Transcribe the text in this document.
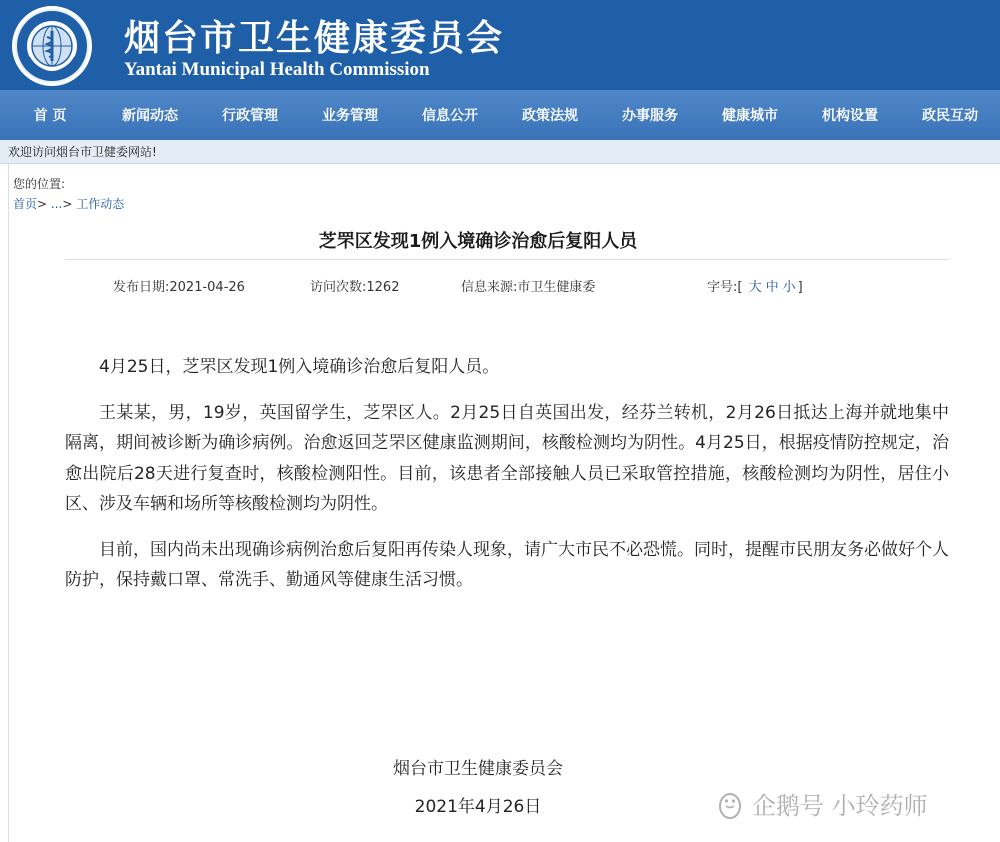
烟台市卫生健康委员会
Yantai Municipal Health Commission
首 页	新闻动态	行政管理	业务管理	信息公开	政策法规	办事服务	健康城市	机构设置	政民互动
欢迎访问烟台市卫健委网站!
您的位置:
首页> ...> 工作动态
芝罘区发现1例入境确诊治愈后复阳人员
发布日期:2021-04-26	访问次数:1262	信息来源:市卫生健康委	字号:[ 大 中 小 ]

4月25日，芝罘区发现1例入境确诊治愈后复阳人员。

王某某，男，19岁，英国留学生，芝罘区人。2月25日自英国出发，经芬兰转机，2月26日抵达上海并就地集中隔离，期间被诊断为确诊病例。治愈返回芝罘区健康监测期间，核酸检测均为阴性。4月25日，根据疫情防控规定，治愈出院后28天进行复查时，核酸检测阳性。目前，该患者全部接触人员已采取管控措施，核酸检测均为阴性，居住小区、涉及车辆和场所等核酸检测均为阴性。

目前，国内尚未出现确诊病例治愈后复阳再传染人现象，请广大市民不必恐慌。同时，提醒市民朋友务必做好个人防护，保持戴口罩、常洗手、勤通风等健康生活习惯。

烟台市卫生健康委员会
2021年4月26日	企鹅号 小玲药师
